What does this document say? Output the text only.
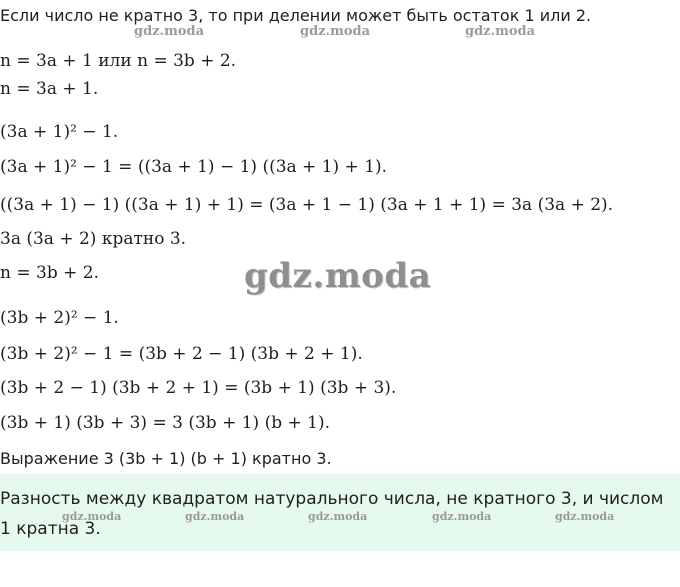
Если число не кратно 3, то при делении может быть остаток 1 или 2.
n = 3a + 1 или n = 3b + 2.
n = 3a + 1.
(3a + 1)² − 1.
(3a + 1)² − 1 = ((3a + 1) − 1) ((3a + 1) + 1).
((3a + 1) − 1) ((3a + 1) + 1) = (3a + 1 − 1) (3a + 1 + 1) = 3a (3a + 2).
3a (3a + 2) кратно 3.
n = 3b + 2.
(3b + 2)² − 1.
(3b + 2)² − 1 = (3b + 2 − 1) (3b + 2 + 1).
(3b + 2 − 1) (3b + 2 + 1) = (3b + 1) (3b + 3).
(3b + 1) (3b + 3) = 3 (3b + 1) (b + 1).
Выражение 3 (3b + 1) (b + 1) кратно 3.
gdz.moda	gdz.moda	gdz.moda
gdz.moda
Разность между квадратом натурального числа, не кратного 3, и числом 1 кратна 3.
gdz.moda	gdz.moda	gdz.moda	gdz.moda	gdz.moda
